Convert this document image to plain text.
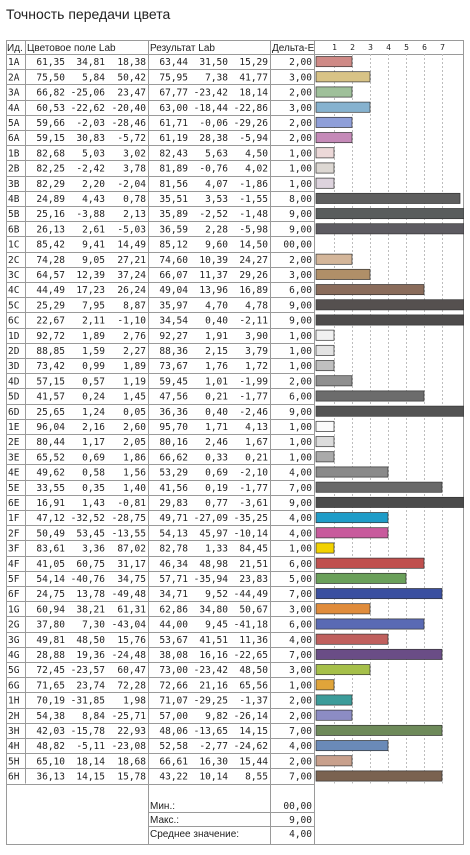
Точность передачи цвета
Ид. Цветовое поле Lab	Результат Lab	Дельта-E 1 2 3 4 5 6 7
1A 61,35 34,81 18,38 63,44 31,50 15,29 2,00
2A 75,50 5,84 50,42 75,95 7,38 41,77 3,00
3A 66,82 -25,06 23,47 67,77 -23,42 18,14 2,00
4A 60,53 -22,62 -20,40 63,00 -18,44 -22,86 3,00
5A 59,66 -2,03 -28,46 61,71 -0,06 -29,26 2,00
6A 59,15 30,83 -5,72 61,19 28,38 -5,94 2,00
1B 82,68 5,03 3,02 82,43 5,63 4,50 1,00
2B 82,25 -2,42 3,78 81,89 -0,76 4,02 1,00
3B 82,29 2,20 -2,04 81,56 4,07 -1,86 1,00
4B 24,89 4,43 0,78 35,51 3,53 -1,55 8,00
5B 25,16 -3,88 2,13 35,89 -2,52 -1,48 9,00
6B 26,13 2,61 -5,03 36,59 2,28 -5,98 9,00
1C 85,42 9,41 14,49 85,12 9,60 14,50 00,00
2C 74,28 9,05 27,21 74,60 10,39 24,27 2,00
3C 64,57 12,39 37,24 66,07 11,37 29,26 3,00
4C 44,49 17,23 26,24 49,04 13,96 16,89 6,00
5C 25,29 7,95 8,87 35,97 4,70 4,78 9,00
6C 22,67 2,11 -1,10 34,54 0,40 -2,11 9,00
1D 92,72 1,89 2,76 92,27 1,91 3,90 1,00
2D 88,85 1,59 2,27 88,36 2,15 3,79 1,00
3D 73,42 0,99 1,89 73,67 1,76 1,72 1,00
4D 57,15 0,57 1,19 59,45 1,01 -1,99 2,00
5D 41,57 0,24 1,45 47,56 0,21 -1,77 6,00
6D 25,65 1,24 0,05 36,36 0,40 -2,46 9,00
1E 96,04 2,16 2,60 95,70 1,71 4,13 1,00
2E 80,44 1,17 2,05 80,16 2,46 1,67 1,00
3E 65,52 0,69 1,86 66,62 0,33 0,21 1,00
4E 49,62 0,58 1,56 53,29 0,69 -2,10 4,00
5E 33,55 0,35 1,40 41,56 0,19 -1,77 7,00
6E 16,91 1,43 -0,81 29,83 0,77 -3,61 9,00
1F 47,12 -32,52 -28,75 49,71 -27,09 -35,25 4,00
2F 50,49 53,45 -13,55 54,13 45,97 -10,14 4,00
3F 83,61 3,36 87,02 82,78 1,33 84,45 1,00
4F 41,05 60,75 31,17 46,34 48,98 21,51 6,00
5F 54,14 -40,76 34,75 57,71 -35,94 23,83 5,00
6F 24,75 13,78 -49,48 34,71 9,52 -44,49 7,00
1G 60,94 38,21 61,31 62,86 34,80 50,67 3,00
2G 37,80 7,30 -43,04 44,00 9,45 -41,18 6,00
3G 49,81 48,50 15,76 53,67 41,51 11,36 4,00
4G 28,88 19,36 -24,48 38,08 16,16 -22,65 7,00
5G 72,45 -23,57 60,47 73,00 -23,42 48,50 3,00
6G 71,65 23,74 72,28 72,66 21,16 65,56 1,00
1H 70,19 -31,85 1,98 71,07 -29,25 -1,37 2,00
2H 54,38 8,84 -25,71 57,00 9,82 -26,14 2,00
3H 42,03 -15,78 22,93 48,06 -13,65 14,15 7,00
4H 48,82 -5,11 -23,08 52,58 -2,77 -24,62 4,00
5H 65,10 18,14 18,68 66,61 16,30 15,44 2,00
6H 36,13 14,15 15,78 43,22 10,14 8,55 7,00
Мин.:	00,00
Макс.:	9,00
Среднее значение:	4,00
